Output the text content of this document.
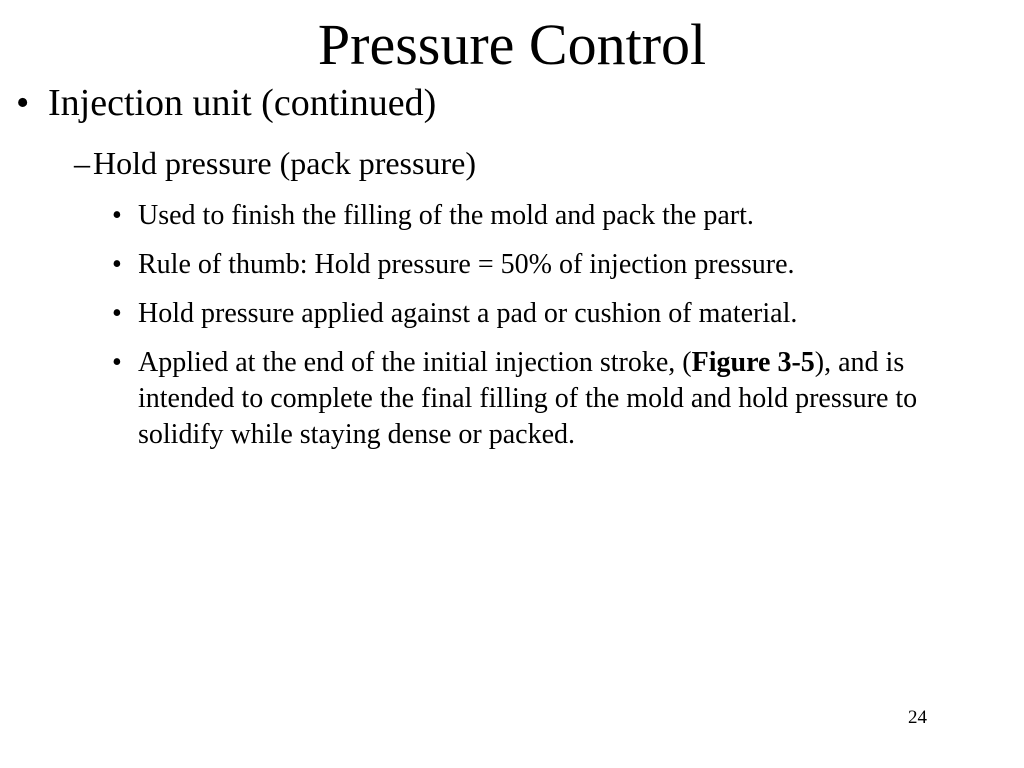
Pressure Control
• Injection unit (continued)
– Hold pressure (pack pressure)
• Used to finish the filling of the mold and pack the part.
• Rule of thumb: Hold pressure = 50% of injection pressure.
• Hold pressure applied against a pad or cushion of material.
• Applied at the end of the initial injection stroke, (Figure 3-5), and is intended to complete the final filling of the mold and hold pressure to solidify while staying dense or packed.
24
